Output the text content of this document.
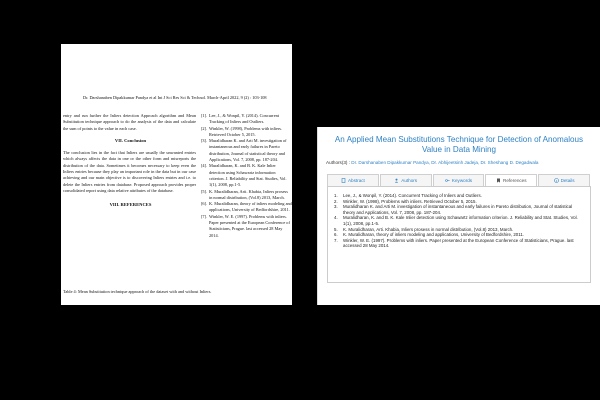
Dr. Darshanaben Dipakkumar Pandya et al Int J Sci Res Sci & Technol. March-April 2022, 9 (2) : 103-108

entry and run further the Inliers detection Approach algorithm and Mean Substitution technique approach to do the analysis of the data and calculate the sum of points to the value in each case.

VII. Conclusion

The conclusion lies in the fact that Inliers are usually the unwanted entries which always affects the data in one or the other form and misreports the distribution of the data. Sometimes it becomes necessary to keep even the Inliers entries because they play an important role in the data but in our case achieving and our main objective is to discovering Inliers entries and i.e. to delete the Inliers entries from database. Proposed approach provides proper consolidated report using data relative attributes of the database.

VIII. REFERENCES
[1]. Lee, J., & Wonpil, Y. (2014). Concurrent Tracking of Inliers and Outliers.
[2]. Winkler, W. (1998), Problems with inliers. Retrieved October 5, 2015.
[3]. Muralidharan K. and Arti M. investigation of instantaneous and early failures in Pareto distribution, Journal of statistical theory and Applications, Vol. 7, 2008, pp. 187-204.
[4]. Muralidharan, K. and B. K. Kale Inlier detection using Schawartz information criterion. J. Reliability and Stat. Studies, Vol. 1(1), 2008, pp.1-5.
[5]. K. Muralidharan, Arti. Khabia, Inliers prosess in normal distribution, (Vol.8) 2013, March.
[6]. K. Muralidharan, theory of inliers modeling and applications, University of Bedfordshire, 2011.
[7]. Winkler, W. E. (1997). Problems with inliers. Paper presented at the European Conference of Statisticians, Prague. last accessed 28 May 2014.
Table 4: Mean Substitution technique approach of the dataset with and without Inliers.
An Applied Mean Substitutions Technique for Detection of Anomalous Value in Data Mining
Authors(3) : Dr. Darshanaben Dipakkumar Pandya, Dr. Abhijeetsinh Jadeja, Dr. Sheshang D. Degadwala
Abstract	Authors	Keywords	References	Details
1.	Lee, J., & Wonpil, Y. (2014). Concurrent Tracking of Inliers and Outliers.
2.	Winkler, W. (1998), Problems with inliers. Retrieved October 5, 2015.
3.	Muralidharan K. and Arti M. investigation of instantaneous and early failures in Pareto distribution, Journal of statistical theory and Applications, Vol. 7, 2008, pp. 187-204.
4.	Muralidharan, K. and B. K. Kale Inlier detection using Schawartz information criterion. J. Reliability and Stat. Studies, Vol. 1(1), 2008, pp.1-5.
5.	K. Muralidharan, Arti. Khabia, Inliers prosess in normal distribution, (Vol.8) 2013, March.
6.	K. Muralidharan, theory of inliers modeling and applications, University of Bedfordshire, 2011.
7.	Winkler, W. E. (1997). Problems with inliers. Paper presented at the European Conference of Statisticians, Prague. last accessed 28 May 2014.
